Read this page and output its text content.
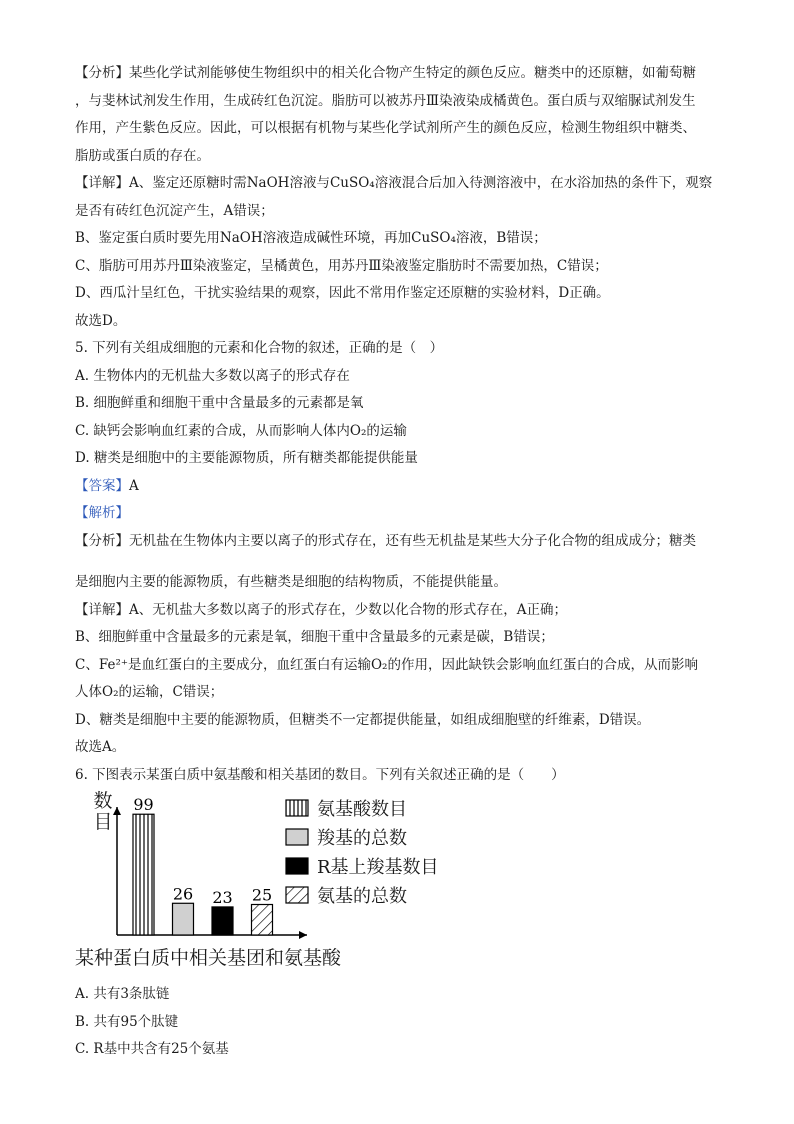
【分析】某些化学试剂能够使生物组织中的相关化合物产生特定的颜色反应。糖类中的还原糖，如葡萄糖
，与斐林试剂发生作用，生成砖红色沉淀。脂肪可以被苏丹Ⅲ染液染成橘黄色。蛋白质与双缩脲试剂发生
作用，产生紫色反应。因此，可以根据有机物与某些化学试剂所产生的颜色反应，检测生物组织中糖类、
脂肪或蛋白质的存在。
【详解】A、鉴定还原糖时需NaOH溶液与CuSO₄溶液混合后加入待测溶液中，在水浴加热的条件下，观察
是否有砖红色沉淀产生，A错误；
B、鉴定蛋白质时要先用NaOH溶液造成碱性环境，再加CuSO₄溶液，B错误；
C、脂肪可用苏丹Ⅲ染液鉴定，呈橘黄色，用苏丹Ⅲ染液鉴定脂肪时不需要加热，C错误；
D、西瓜汁呈红色，干扰实验结果的观察，因此不常用作鉴定还原糖的实验材料，D正确。
故选D。
5. 下列有关组成细胞的元素和化合物的叙述，正确的是（　）
A. 生物体内的无机盐大多数以离子的形式存在
B. 细胞鲜重和细胞干重中含量最多的元素都是氧
C. 缺钙会影响血红素的合成，从而影响人体内O₂的运输
D. 糖类是细胞中的主要能源物质，所有糖类都能提供能量
【答案】A
【解析】
【分析】无机盐在生物体内主要以离子的形式存在，还有些无机盐是某些大分子化合物的组成成分；糖类
是细胞内主要的能源物质，有些糖类是细胞的结构物质，不能提供能量。
【详解】A、无机盐大多数以离子的形式存在，少数以化合物的形式存在，A正确；
B、细胞鲜重中含量最多的元素是氧，细胞干重中含量最多的元素是碳，B错误；
C、Fe²⁺是血红蛋白的主要成分，血红蛋白有运输O₂的作用，因此缺铁会影响血红蛋白的合成，从而影响
人体O₂的运输，C错误；
D、糖类是细胞中主要的能源物质，但糖类不一定都提供能量，如组成细胞壁的纤维素，D错误。
故选A。
6. 下图表示某蛋白质中氨基酸和相关基团的数目。下列有关叙述正确的是（　　）
99
26 23 25
数目
氨基酸数目
羧基的总数
R基上羧基数目
氨基的总数
某种蛋白质中相关基团和氨基酸
A. 共有3条肽链
B. 共有95个肽键
C. R基中共含有25个氨基
